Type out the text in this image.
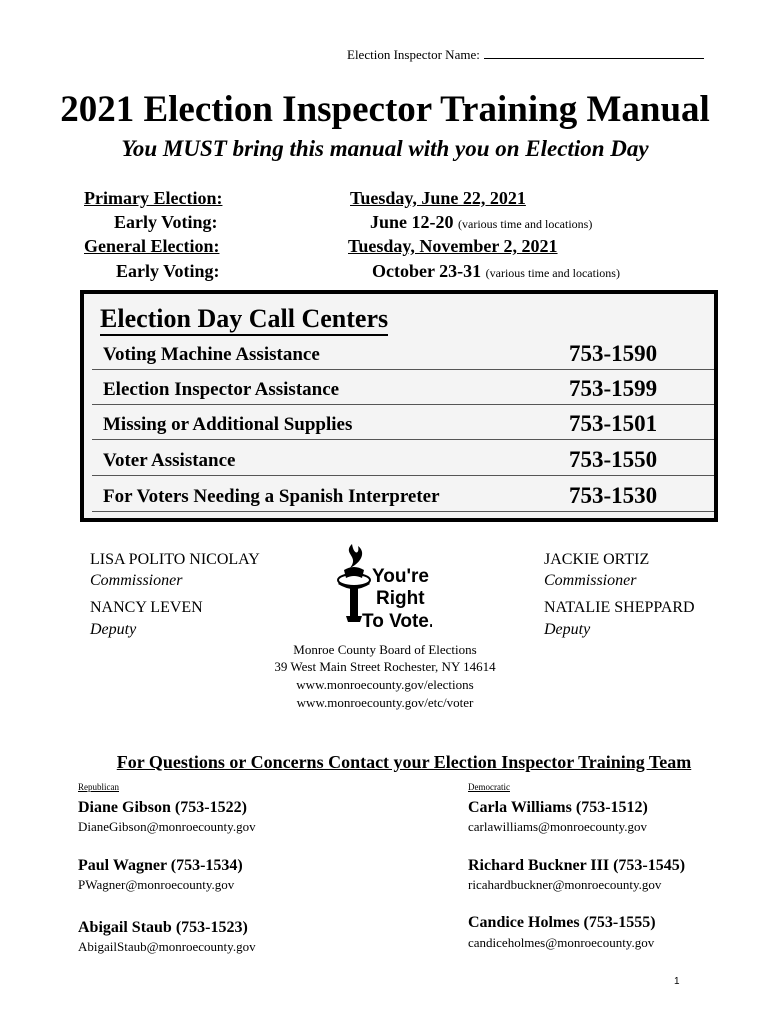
Election Inspector Name:
2021 Election Inspector Training Manual
You MUST bring this manual with you on Election Day
Primary Election:	Tuesday, June 22, 2021
Early Voting:	June 12-20 (various time and locations)
General Election:	Tuesday, November 2, 2021
Early Voting:	October 23-31 (various time and locations)
Election Day Call Centers
Voting Machine Assistance	753-1590
Election Inspector Assistance	753-1599
Missing or Additional Supplies	753-1501
Voter Assistance	753-1550
For Voters Needing a Spanish Interpreter	753-1530
LISA POLITO NICOLAY
Commissioner
NANCY LEVEN
Deputy
JACKIE ORTIZ
Commissioner
NATALIE SHEPPARD
Deputy
You're
Right
To Vote.
Monroe County Board of Elections
39 West Main Street Rochester, NY 14614
www.monroecounty.gov/elections
www.monroecounty.gov/etc/voter
For Questions or Concerns Contact your Election Inspector Training Team
Republican	Democratic
Diane Gibson (753-1522)
DianeGibson@monroecounty.gov
Paul Wagner (753-1534)
PWagner@monroecounty.gov
Abigail Staub (753-1523)
AbigailStaub@monroecounty.gov
Carla Williams (753-1512)
carlawilliams@monroecounty.gov
Richard Buckner III (753-1545)
ricahardbuckner@monroecounty.gov
Candice Holmes (753-1555)
candiceholmes@monroecounty.gov
1
